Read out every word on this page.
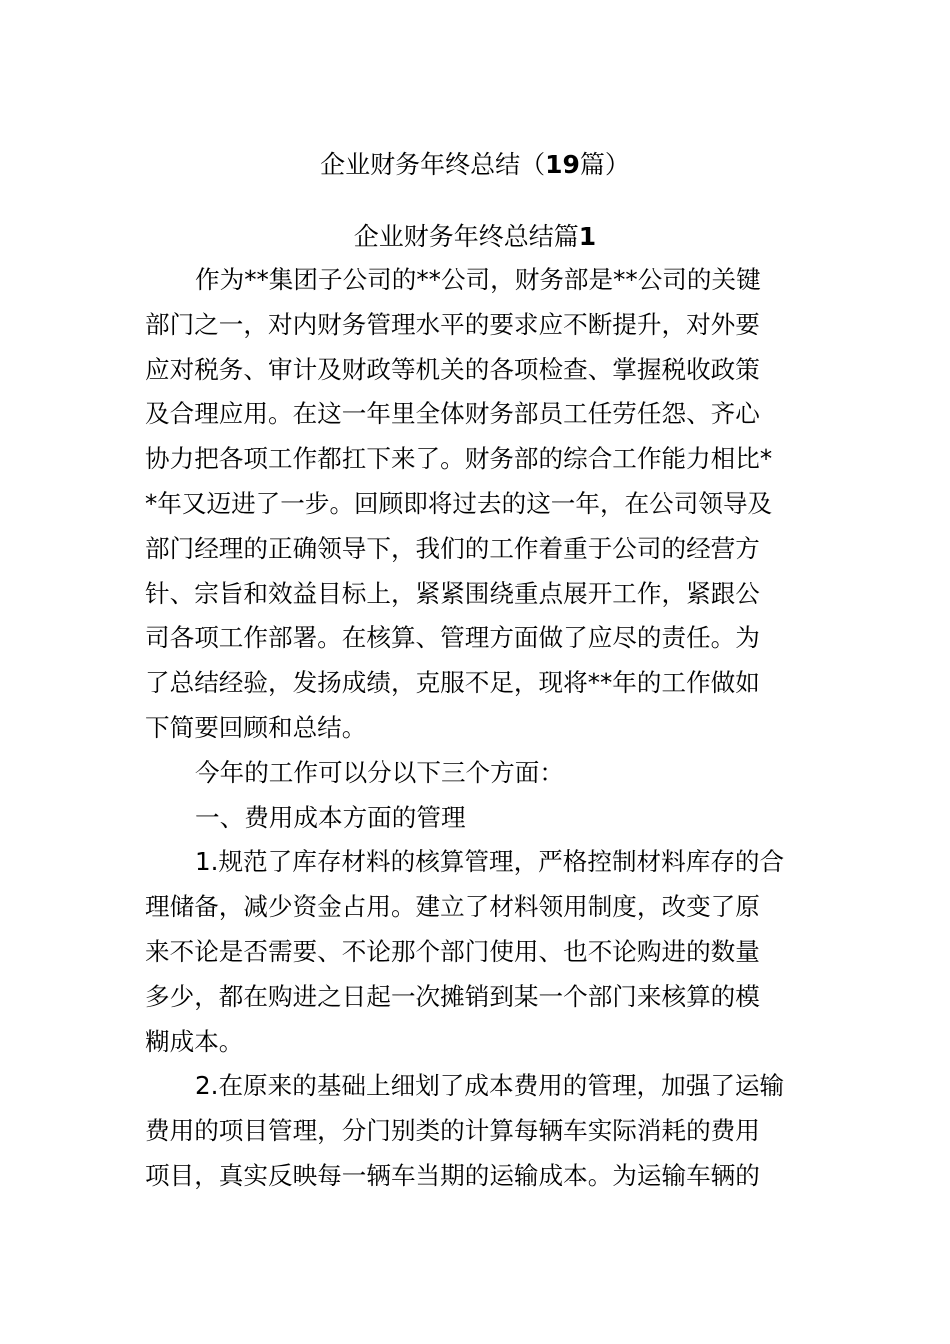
企业财务年终总结（19篇）
企业财务年终总结篇1
作为**集团子公司的**公司，财务部是**公司的关键
部门之一，对内财务管理水平的要求应不断提升，对外要
应对税务、审计及财政等机关的各项检查、掌握税收政策
及合理应用。在这一年里全体财务部员工任劳任怨、齐心
协力把各项工作都扛下来了。财务部的综合工作能力相比*
*年又迈进了一步。回顾即将过去的这一年，在公司领导及
部门经理的正确领导下，我们的工作着重于公司的经营方
针、宗旨和效益目标上，紧紧围绕重点展开工作，紧跟公
司各项工作部署。在核算、管理方面做了应尽的责任。为
了总结经验，发扬成绩，克服不足，现将**年的工作做如
下简要回顾和总结。
今年的工作可以分以下三个方面：
一、费用成本方面的管理
1.规范了库存材料的核算管理，严格控制材料库存的合
理储备，减少资金占用。建立了材料领用制度，改变了原
来不论是否需要、不论那个部门使用、也不论购进的数量
多少，都在购进之日起一次摊销到某一个部门来核算的模
糊成本。
2.在原来的基础上细划了成本费用的管理，加强了运输
费用的项目管理，分门别类的计算每辆车实际消耗的费用
项目，真实反映每一辆车当期的运输成本。为运输车辆的
